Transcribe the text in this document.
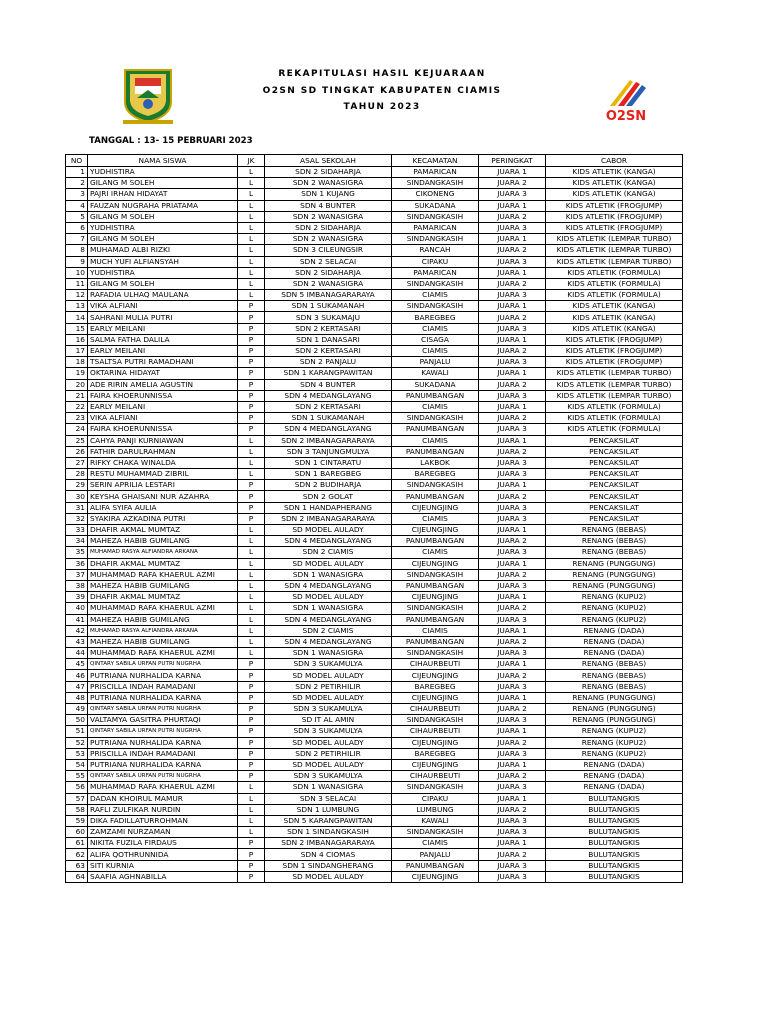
REKAPITULASI HASIL KEJUARAAN
O2SN SD TINGKAT KABUPATEN CIAMIS
TAHUN 2023
O2SN
TANGGAL : 13- 15 PEBRUARI 2023
NO	NAMA SISWA	JK	ASAL SEKOLAH	KECAMATAN	PERINGKAT	CABOR
1	YUDHISTIRA	L	SDN 2 SIDAHARJA	PAMARICAN	JUARA 1	KIDS ATLETIK (KANGA)
2	GILANG M SOLEH	L	SDN 2 WANASIGRA	SINDANGKASIH	JUARA 2	KIDS ATLETIK (KANGA)
3	PAJRI IRHAN HIDAYAT	L	SDN 1 KUJANG	CIKONENG	JUARA 3	KIDS ATLETIK (KANGA)
4	FAUZAN NUGRAHA PRIATAMA	L	SDN 4 BUNTER	SUKADANA	JUARA 1	KIDS ATLETIK (FROGJUMP)
5	GILANG M SOLEH	L	SDN 2 WANASIGRA	SINDANGKASIH	JUARA 2	KIDS ATLETIK (FROGJUMP)
6	YUDHISTIRA	L	SDN 2 SIDAHARJA	PAMARICAN	JUARA 3	KIDS ATLETIK (FROGJUMP)
7	GILANG M SOLEH	L	SDN 2 WANASIGRA	SINDANGKASIH	JUARA 1	KIDS ATLETIK (LEMPAR TURBO)
8	MUHAMAD ALBI RIZKI	L	SDN 3 CILEUNGSIR	RANCAH	JUARA 2	KIDS ATLETIK (LEMPAR TURBO)
9	MUCH YUFI ALFIANSYAH	L	SDN 2 SELACAI	CIPAKU	JUARA 3	KIDS ATLETIK (LEMPAR TURBO)
10	YUDHISTIRA	L	SDN 2 SIDAHARJA	PAMARICAN	JUARA 1	KIDS ATLETIK (FORMULA)
11	GILANG M SOLEH	L	SDN 2 WANASIGRA	SINDANGKASIH	JUARA 2	KIDS ATLETIK (FORMULA)
12	RAFADIA ULHAQ MAULANA	L	SDN 5 IMBANAGARARAYA	CIAMIS	JUARA 3	KIDS ATLETIK (FORMULA)
13	VIKA ALFIANI	P	SDN 1 SUKAMANAH	SINDANGKASIH	JUARA 1	KIDS ATLETIK (KANGA)
14	SAHRANI MULIA PUTRI	P	SDN 3 SUKAMAJU	BAREGBEG	JUARA 2	KIDS ATLETIK (KANGA)
15	EARLY MEILANI	P	SDN 2 KERTASARI	CIAMIS	JUARA 3	KIDS ATLETIK (KANGA)
16	SALMA FATHA DALILA	P	SDN 1 DANASARI	CISAGA	JUARA 1	KIDS ATLETIK (FROGJUMP)
17	EARLY MEILANI	P	SDN 2 KERTASARI	CIAMIS	JUARA 2	KIDS ATLETIK (FROGJUMP)
18	TSALTSA PUTRI RAMADHANI	P	SDN 2 PANJALU	PANJALU	JUARA 3	KIDS ATLETIK (FROGJUMP)
19	OKTARINA HIDAYAT	P	SDN 1 KARANGPAWITAN	KAWALI	JUARA 1	KIDS ATLETIK (LEMPAR TURBO)
20	ADE RIRIN AMELIA AGUSTIN	P	SDN 4 BUNTER	SUKADANA	JUARA 2	KIDS ATLETIK (LEMPAR TURBO)
21	FAIRA KHOERUNNISSA	P	SDN 4 MEDANGLAYANG	PANUMBANGAN	JUARA 3	KIDS ATLETIK (LEMPAR TURBO)
22	EARLY MEILANI	P	SDN 2 KERTASARI	CIAMIS	JUARA 1	KIDS ATLETIK (FORMULA)
23	VIKA ALFIANI	P	SDN 1 SUKAMANAH	SINDANGKASIH	JUARA 2	KIDS ATLETIK (FORMULA)
24	FAIRA KHOERUNNISSA	P	SDN 4 MEDANGLAYANG	PANUMBANGAN	JUARA 3	KIDS ATLETIK (FORMULA)
25	CAHYA PANJI KURNIAWAN	L	SDN 2 IMBANAGARARAYA	CIAMIS	JUARA 1	PENCAKSILAT
26	FATHIR DARULRAHMAN	L	SDN 3 TANJUNGMULYA	PANUMBANGAN	JUARA 2	PENCAKSILAT
27	RIFKY CHAKA WINALDA	L	SDN 1 CINTARATU	LAKBOK	JUARA 3	PENCAKSILAT
28	RESTU MUHAMMAD ZIBRIL	L	SDN 1 BAREGBEG	BAREGBEG	JUARA 3	PENCAKSILAT
29	SERIN APRILIA LESTARI	P	SDN 2 BUDIHARJA	SINDANGKASIH	JUARA 1	PENCAKSILAT
30	KEYSHA GHAISANI NUR AZAHRA	P	SDN 2 GOLAT	PANUMBANGAN	JUARA 2	PENCAKSILAT
31	ALIFA SYIFA AULIA	P	SDN 1 HANDAPHERANG	CIJEUNGJING	JUARA 3	PENCAKSILAT
32	SYAKIRA AZKADINA PUTRI	P	SDN 2 IMBANAGARARAYA	CIAMIS	JUARA 3	PENCAKSILAT
33	DHAFIR AKMAL MUMTAZ	L	SD MODEL AULADY	CIJEUNGJING	JUARA 1	RENANG (BEBAS)
34	MAHEZA HABIB GUMILANG	L	SDN 4 MEDANGLAYANG	PANUMBANGAN	JUARA 2	RENANG (BEBAS)
35	MUHAMAD RASYA ALFIANDRA ARKANA	L	SDN 2 CIAMIS	CIAMIS	JUARA 3	RENANG (BEBAS)
36	DHAFIR AKMAL MUMTAZ	L	SD MODEL AULADY	CIJEUNGJING	JUARA 1	RENANG (PUNGGUNG)
37	MUHAMMAD RAFA KHAERUL AZMI	L	SDN 1 WANASIGRA	SINDANGKASIH	JUARA 2	RENANG (PUNGGUNG)
38	MAHEZA HABIB GUMILANG	L	SDN 4 MEDANGLAYANG	PANUMBANGAN	JUARA 3	RENANG (PUNGGUNG)
39	DHAFIR AKMAL MUMTAZ	L	SD MODEL AULADY	CIJEUNGJING	JUARA 1	RENANG (KUPU2)
40	MUHAMMAD RAFA KHAERUL AZMI	L	SDN 1 WANASIGRA	SINDANGKASIH	JUARA 2	RENANG (KUPU2)
41	MAHEZA HABIB GUMILANG	L	SDN 4 MEDANGLAYANG	PANUMBANGAN	JUARA 3	RENANG (KUPU2)
42	MUHAMAD RASYA ALFIANDRA ARKANA	L	SDN 2 CIAMIS	CIAMIS	JUARA 1	RENANG (DADA)
43	MAHEZA HABIB GUMILANG	L	SDN 4 MEDANGLAYANG	PANUMBANGAN	JUARA 2	RENANG (DADA)
44	MUHAMMAD RAFA KHAERUL AZMI	L	SDN 1 WANASIGRA	SINDANGKASIH	JUARA 3	RENANG (DADA)
45	QINTARY SABILA URFAN PUTRI NUGRHA	P	SDN 3 SUKAMULYA	CIHAURBEUTI	JUARA 1	RENANG (BEBAS)
46	PUTRIANA NURHALIDA KARNA	P	SD MODEL AULADY	CIJEUNGJING	JUARA 2	RENANG (BEBAS)
47	PRISCILLA INDAH RAMADANI	P	SDN 2 PETIRHILIR	BAREGBEG	JUARA 3	RENANG (BEBAS)
48	PUTRIANA NURHALIDA KARNA	P	SD MODEL AULADY	CIJEUNGJING	JUARA 1	RENANG (PUNGGUNG)
49	QINTARY SABILA URFAN PUTRI NUGRHA	P	SDN 3 SUKAMULYA	CIHAURBEUTI	JUARA 2	RENANG (PUNGGUNG)
50	VALTAMYA GASITRA PHURTAQI	P	SD IT AL AMIN	SINDANGKASIH	JUARA 3	RENANG (PUNGGUNG)
51	QINTARY SABILA URFAN PUTRI NUGRHA	P	SDN 3 SUKAMULYA	CIHAURBEUTI	JUARA 1	RENANG (KUPU2)
52	PUTRIANA NURHALIDA KARNA	P	SD MODEL AULADY	CIJEUNGJING	JUARA 2	RENANG (KUPU2)
53	PRISCILLA INDAH RAMADANI	P	SDN 2 PETIRHILIR	BAREGBEG	JUARA 3	RENANG (KUPU2)
54	PUTRIANA NURHALIDA KARNA	P	SD MODEL AULADY	CIJEUNGJING	JUARA 1	RENANG (DADA)
55	QINTARY SABILA URFAN PUTRI NUGRHA	P	SDN 3 SUKAMULYA	CIHAURBEUTI	JUARA 2	RENANG (DADA)
56	MUHAMMAD RAFA KHAERUL AZMI	L	SDN 1 WANASIGRA	SINDANGKASIH	JUARA 3	RENANG (DADA)
57	DADAN KHOIRUL MAMUR	L	SDN 3 SELACAI	CIPAKU	JUARA 1	BULUTANGKIS
58	RAFLI ZULFIKAR NURDIN	L	SDN 1 LUMBUNG	LUMBUNG	JUARA 2	BULUTANGKIS
59	DIKA FADILLATURROHMAN	L	SDN 5 KARANGPAWITAN	KAWALI	JUARA 3	BULUTANGKIS
60	ZAMZAMI NURZAMAN	L	SDN 1 SINDANGKASIH	SINDANGKASIH	JUARA 3	BULUTANGKIS
61	NIKITA FUZILA FIRDAUS	P	SDN 2 IMBANAGARARAYA	CIAMIS	JUARA 1	BULUTANGKIS
62	ALIFA QOTHRUNNIDA	P	SDN 4 CIOMAS	PANJALU	JUARA 2	BULUTANGKIS
63	SITI KURNIA	P	SDN 1 SINDANGHERANG	PANUMBANGAN	JUARA 3	BULUTANGKIS
64	SAAFIA AGHNABILLA	P	SD MODEL AULADY	CIJEUNGJING	JUARA 3	BULUTANGKIS
